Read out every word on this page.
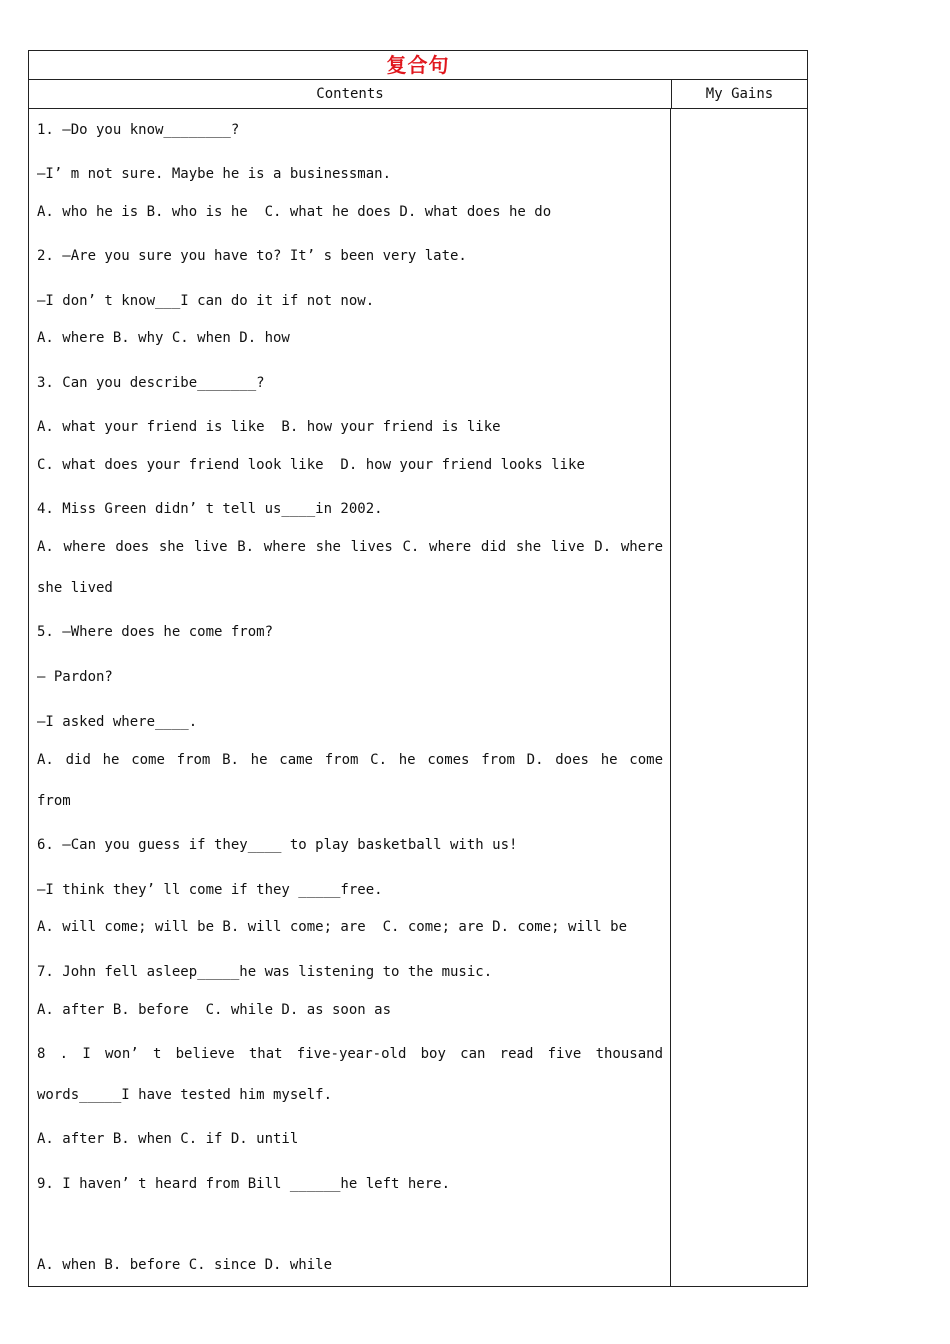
复合句
Contents	My Gains
1. —Do you know________?
—I’ m not sure. Maybe he is a businessman.
A. who he is B. who is he  C. what he does D. what does he do
2. —Are you sure you have to? It’ s been very late.
—I don’ t know___I can do it if not now.
A. where B. why C. when D. how
3. Can you describe_______?
A. what your friend is like  B. how your friend is like
C. what does your friend look like  D. how your friend looks like
4. Miss Green didn’ t tell us____in 2002.
A. where does she live B. where she lives C. where did she live D. where
she lived
5. —Where does he come from?
— Pardon?
—I asked where____.
A. did he come from B. he came from C. he comes from D. does he come
from
6. —Can you guess if they____ to play basketball with us!
—I think they’ ll come if they _____free.
A. will come; will be B. will come; are  C. come; are D. come; will be
7. John fell asleep_____he was listening to the music.
A. after B. before  C. while D. as soon as
8 . I won’ t believe that five-year-old boy can read five thousand
words_____I have tested him myself.
A. after B. when C. if D. until
9. I haven’ t heard from Bill ______he left here.
A. when B. before C. since D. while
